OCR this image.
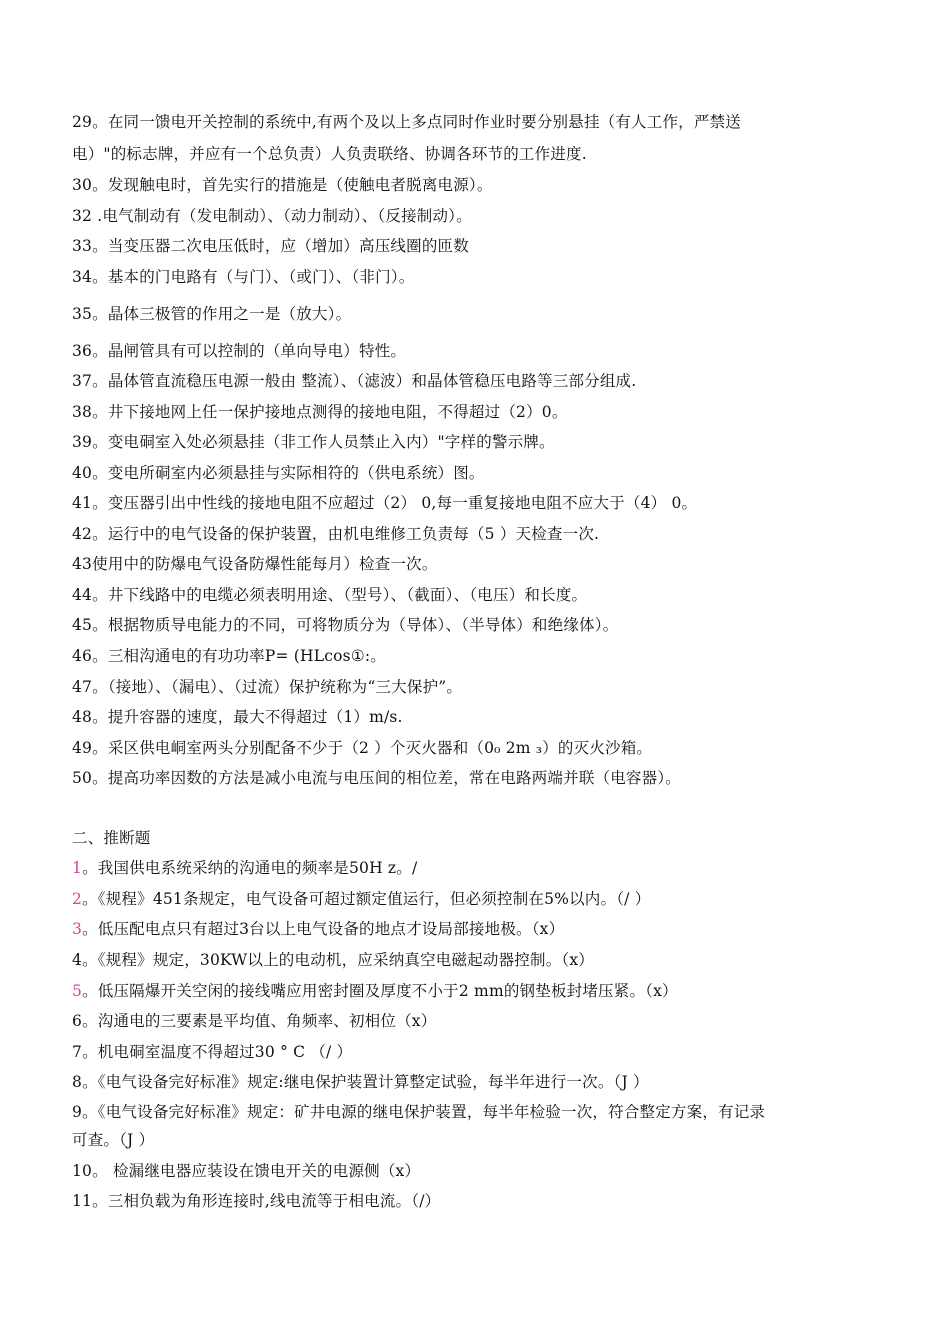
29。在同一馈电开关控制的系统中,有两个及以上多点同时作业时要分别悬挂（有人工作，严禁送
电）"的标志牌，并应有一个总负责）人负责联络、协调各环节的工作进度.
30。发现触电时，首先实行的措施是（使触电者脱离电源）。
32 .电气制动有（发电制动）、（动力制动）、（反接制动）。
33。当变压器二次电压低时，应（增加）高压线圈的匝数
34。基本的门电路有（与门）、（或门）、（非门）。
35。晶体三极管的作用之一是（放大）。
36。晶闸管具有可以控制的（单向导电）特性。
37。晶体管直流稳压电源一般由 整流）、（滤波）和晶体管稳压电路等三部分组成.
38。井下接地网上任一保护接地点测得的接地电阻，不得超过（2）0。
39。变电硐室入处必须悬挂（非工作人员禁止入内）"字样的警示牌。
40。变电所硐室内必须悬挂与实际相符的（供电系统）图。
41。变压器引出中性线的接地电阻不应超过（2） 0,每一重复接地电阻不应大于（4） 0。
42。运行中的电气设备的保护装置，由机电维修工负责每（5 ）天检查一次.
43使用中的防爆电气设备防爆性能每月）检查一次。
44。井下线路中的电缆必须表明用途、（型号）、（截面）、（电压）和长度。
45。根据物质导电能力的不同，可将物质分为（导体）、（半导体）和绝缘体）。
46。三相沟通电的有功功率P= (HLcos①:。
47。（接地）、（漏电）、（过流）保护统称为“三大保护”。
48。提升容器的速度，最大不得超过（1）m/s.
49。采区供电峒室两头分别配备不少于（2 ）个灭火器和（0₀ 2m ₃）的灭火沙箱。
50。提高功率因数的方法是减小电流与电压间的相位差，常在电路两端并联（电容器）。
二、推断题
1。我国供电系统采纳的沟通电的频率是50H z。/
2。《规程》451条规定，电气设备可超过额定值运行，但必须控制在5%以内。（/ ）
3。低压配电点只有超过3台以上电气设备的地点才设局部接地极。（x）
4。《规程》规定，30KW以上的电动机，应采纳真空电磁起动器控制。（x）
5。低压隔爆开关空闲的接线嘴应用密封圈及厚度不小于2 mm的钢垫板封堵压紧。（x）
6。沟通电的三要素是平均值、角频率、初相位（x）
7。机电硐室温度不得超过30 ° C （/ ）
8。《电气设备完好标准》规定:继电保护装置计算整定试验，每半年进行一次。（J ）
9。《电气设备完好标准》规定：矿井电源的继电保护装置，每半年检验一次，符合整定方案，有记录
可查。（J ）
10。 检漏继电器应装设在馈电开关的电源侧（x）
11。三相负载为角形连接时,线电流等于相电流。（/）
